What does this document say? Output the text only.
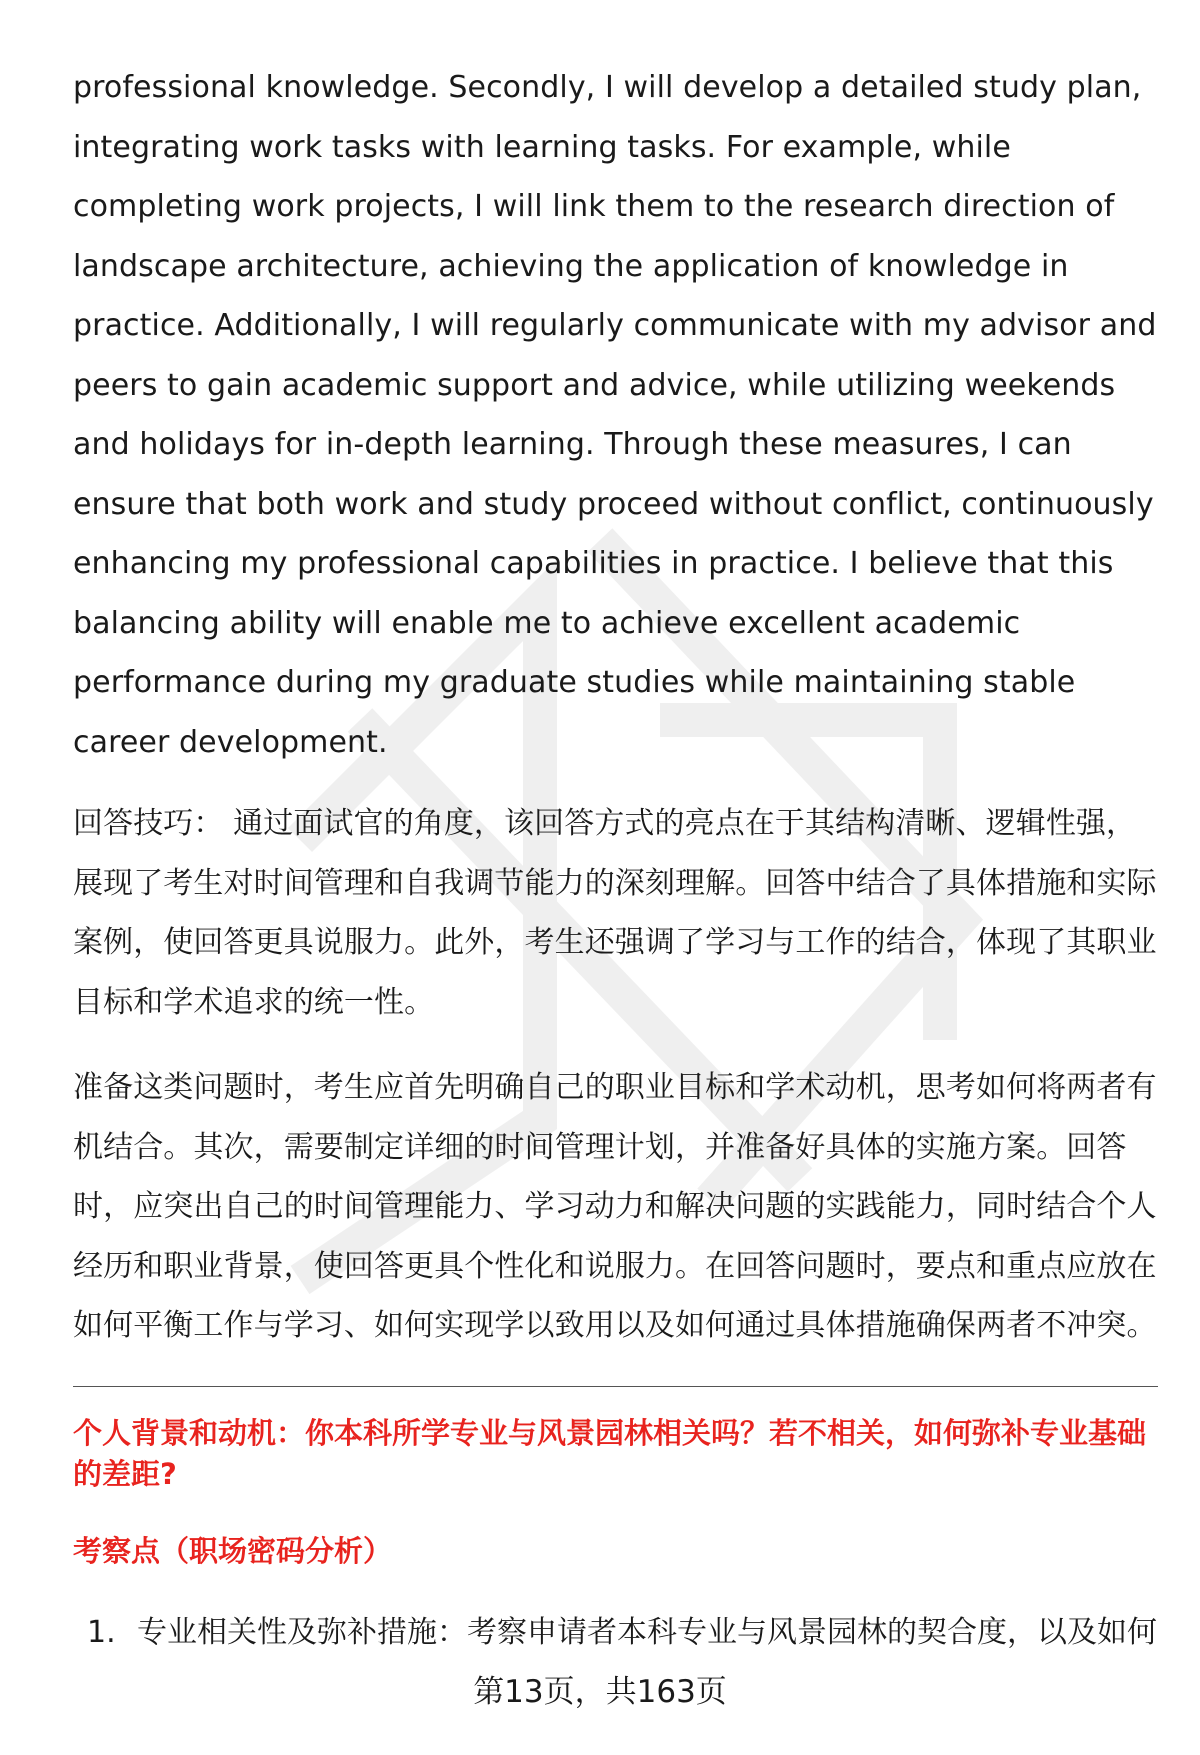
professional knowledge. Secondly, I will develop a detailed study plan, integrating work tasks with learning tasks. For example, while completing work projects, I will link them to the research direction of landscape architecture, achieving the application of knowledge in practice. Additionally, I will regularly communicate with my advisor and peers to gain academic support and advice, while utilizing weekends and holidays for in-depth learning. Through these measures, I can ensure that both work and study proceed without conflict, continuously enhancing my professional capabilities in practice. I believe that this balancing ability will enable me to achieve excellent academic performance during my graduate studies while maintaining stable career development.

回答技巧： 通过面试官的角度，该回答方式的亮点在于其结构清晰、逻辑性强，展现了考生对时间管理和自我调节能力的深刻理解。回答中结合了具体措施和实际案例，使回答更具说服力。此外，考生还强调了学习与工作的结合，体现了其职业目标和学术追求的统一性。

准备这类问题时，考生应首先明确自己的职业目标和学术动机，思考如何将两者有机结合。其次，需要制定详细的时间管理计划，并准备好具体的实施方案。回答时，应突出自己的时间管理能力、学习动力和解决问题的实践能力，同时结合个人经历和职业背景，使回答更具个性化和说服力。在回答问题时，要点和重点应放在如何平衡工作与学习、如何实现学以致用以及如何通过具体措施确保两者不冲突。

个人背景和动机：你本科所学专业与风景园林相关吗？若不相关，如何弥补专业基础的差距?

考察点（职场密码分析）

1. 专业相关性及弥补措施：考察申请者本科专业与风景园林的契合度，以及如何
第13页，共163页
